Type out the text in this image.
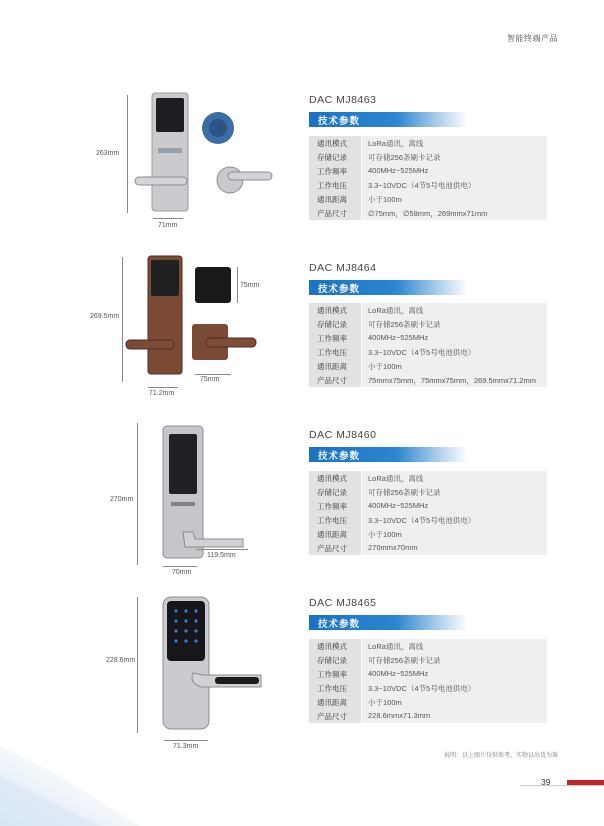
智能终端产品
DAC MJ8463
技术参数
通讯模式	LoRa通讯，离线
存储记录	可存储256条刷卡记录
工作频率	400MHz~525MHz
工作电压	3.3~10VDC（4节5号电池供电）
通讯距离	小于100m
产品尺寸	∅75mm，∅58mm，269mmx71mm
263mm
71mm
DAC MJ8464
技术参数
通讯模式	LoRa通讯，离线
存储记录	可存储256条刷卡记录
工作频率	400MHz~525MHz
工作电压	3.3~10VDC（4节5号电池供电）
通讯距离	小于100m
产品尺寸	75mmx75mm，75mmx75mm，269.5mmx71.2mm
269.5mm
75mm
75mm
71.2mm
DAC MJ8460
技术参数
通讯模式	LoRa通讯，离线
存储记录	可存储256条刷卡记录
工作频率	400MHz~525MHz
工作电压	3.3~10VDC（4节5号电池供电）
通讯距离	小于100m
产品尺寸	270mmx70mm
270mm
119.5mm
70mm
DAC MJ8465
技术参数
通讯模式	LoRa通讯，离线
存储记录	可存储256条刷卡记录
工作频率	400MHz~525MHz
工作电压	3.3~10VDC（4节5号电池供电）
通讯距离	小于100m
产品尺寸	228.6mmx71.3mm
228.6mm
71.3mm
说明：以上图片仅供参考，实物以出货为准
39
